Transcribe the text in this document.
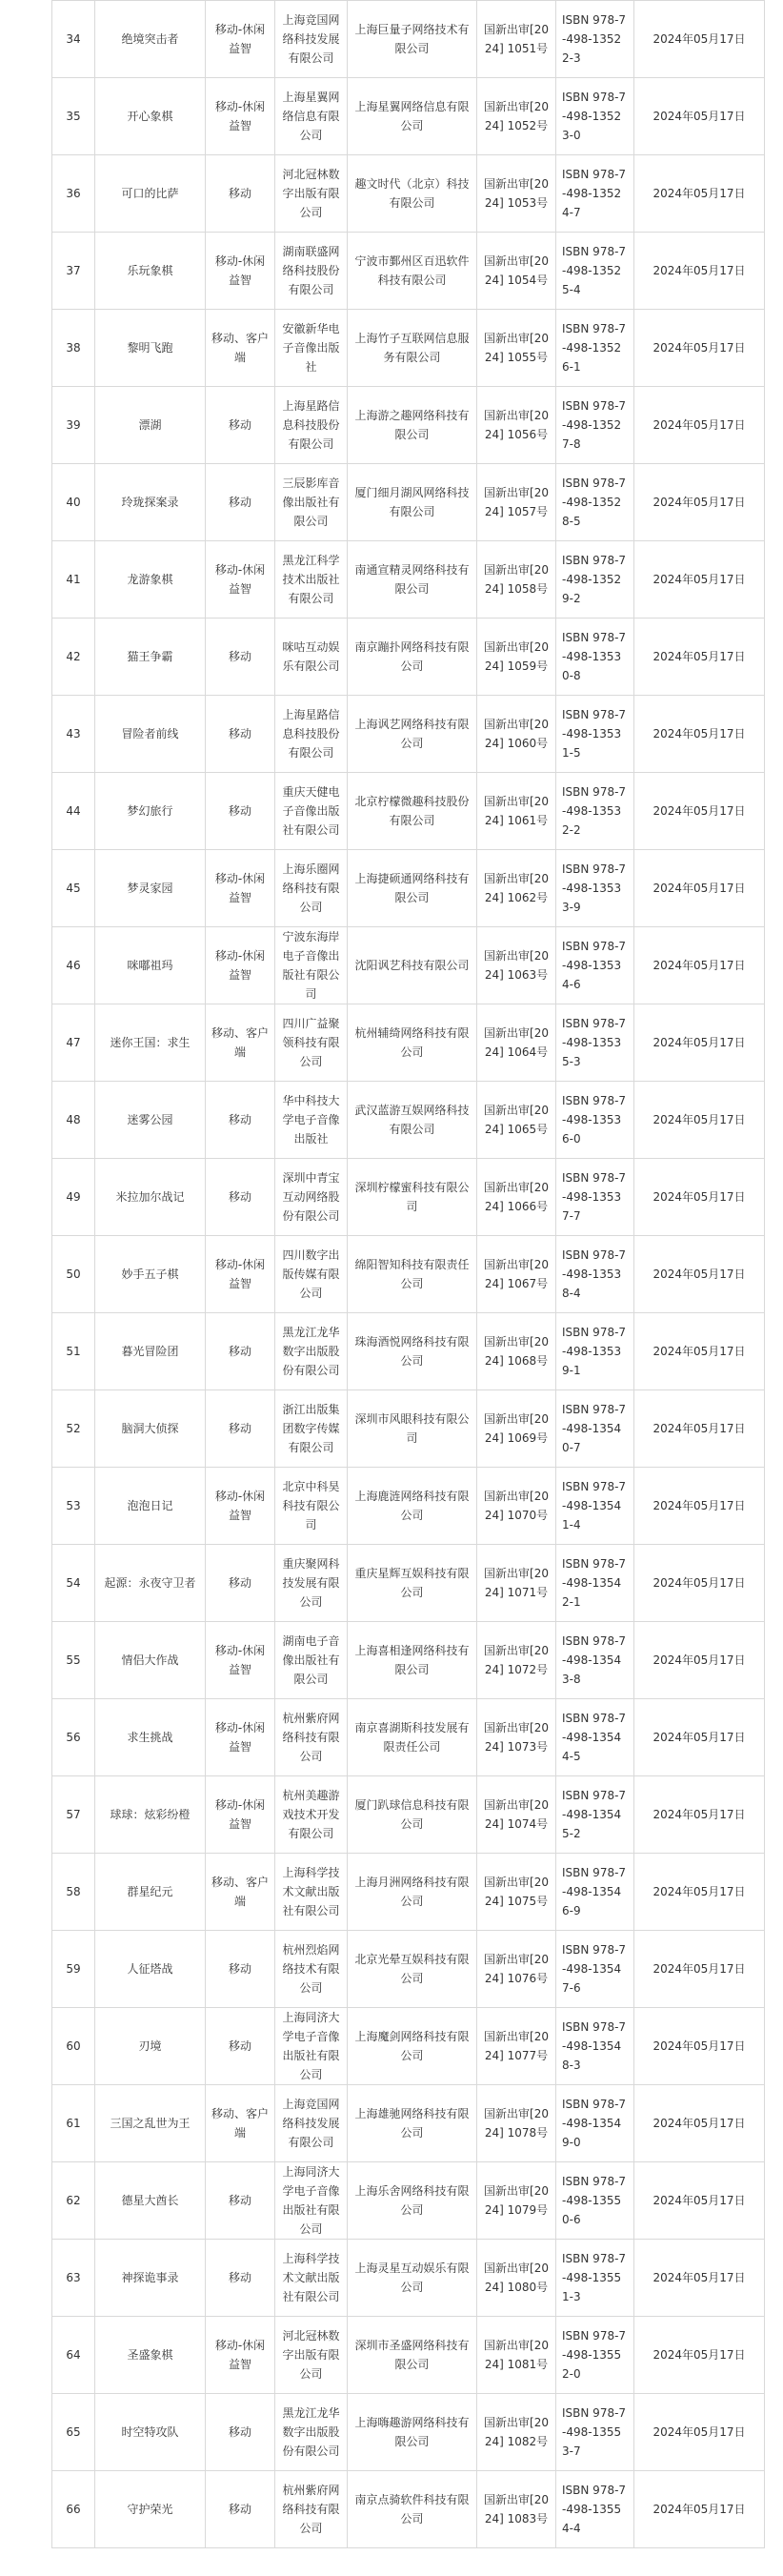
34	绝境突击者	移动-休闲益智	上海竞国网络科技发展有限公司	上海巨量子网络技术有限公司	国新出审[2024] 1051号	ISBN 978-7-498-13522-3	2024年05月17日
35	开心象棋	移动-休闲益智	上海星翼网络信息有限公司	上海星翼网络信息有限公司	国新出审[2024] 1052号	ISBN 978-7-498-13523-0	2024年05月17日
36	可口的比萨	移动	河北冠林数字出版有限公司	趣文时代（北京）科技有限公司	国新出审[2024] 1053号	ISBN 978-7-498-13524-7	2024年05月17日
37	乐玩象棋	移动-休闲益智	湖南联盛网络科技股份有限公司	宁波市鄞州区百迅软件科技有限公司	国新出审[2024] 1054号	ISBN 978-7-498-13525-4	2024年05月17日
38	黎明飞跑	移动、客户端	安徽新华电子音像出版社	上海竹子互联网信息服务有限公司	国新出审[2024] 1055号	ISBN 978-7-498-13526-1	2024年05月17日
39	漂湖	移动	上海星路信息科技股份有限公司	上海游之趣网络科技有限公司	国新出审[2024] 1056号	ISBN 978-7-498-13527-8	2024年05月17日
40	玲珑探案录	移动	三辰影库音像出版社有限公司	厦门细月湖风网络科技有限公司	国新出审[2024] 1057号	ISBN 978-7-498-13528-5	2024年05月17日
41	龙游象棋	移动-休闲益智	黑龙江科学技术出版社有限公司	南通宣精灵网络科技有限公司	国新出审[2024] 1058号	ISBN 978-7-498-13529-2	2024年05月17日
42	猫王争霸	移动	咪咕互动娱乐有限公司	南京蹦扑网络科技有限公司	国新出审[2024] 1059号	ISBN 978-7-498-13530-8	2024年05月17日
43	冒险者前线	移动	上海星路信息科技股份有限公司	上海讽艺网络科技有限公司	国新出审[2024] 1060号	ISBN 978-7-498-13531-5	2024年05月17日
44	梦幻旅行	移动	重庆天健电子音像出版社有限公司	北京柠檬微趣科技股份有限公司	国新出审[2024] 1061号	ISBN 978-7-498-13532-2	2024年05月17日
45	梦灵家园	移动-休闲益智	上海乐圈网络科技有限公司	上海捷硕通网络科技有限公司	国新出审[2024] 1062号	ISBN 978-7-498-13533-9	2024年05月17日
46	咪嘟祖玛	移动-休闲益智	宁波东海岸电子音像出版社有限公司	沈阳讽艺科技有限公司	国新出审[2024] 1063号	ISBN 978-7-498-13534-6	2024年05月17日
47	迷你王国：求生	移动、客户端	四川广益聚领科技有限公司	杭州辅绮网络科技有限公司	国新出审[2024] 1064号	ISBN 978-7-498-13535-3	2024年05月17日
48	迷雾公园	移动	华中科技大学电子音像出版社	武汉蓝游互娱网络科技有限公司	国新出审[2024] 1065号	ISBN 978-7-498-13536-0	2024年05月17日
49	米拉加尔战记	移动	深圳中青宝互动网络股份有限公司	深圳柠檬蜜科技有限公司	国新出审[2024] 1066号	ISBN 978-7-498-13537-7	2024年05月17日
50	妙手五子棋	移动-休闲益智	四川数字出版传媒有限公司	绵阳智知科技有限责任公司	国新出审[2024] 1067号	ISBN 978-7-498-13538-4	2024年05月17日
51	暮光冒险团	移动	黑龙江龙华数字出版股份有限公司	珠海酒悦网络科技有限公司	国新出审[2024] 1068号	ISBN 978-7-498-13539-1	2024年05月17日
52	脑洞大侦探	移动	浙江出版集团数字传媒有限公司	深圳市风眼科技有限公司	国新出审[2024] 1069号	ISBN 978-7-498-13540-7	2024年05月17日
53	泡泡日记	移动-休闲益智	北京中科昊科技有限公司	上海鹿涟网络科技有限公司	国新出审[2024] 1070号	ISBN 978-7-498-13541-4	2024年05月17日
54	起源：永夜守卫者	移动	重庆聚网科技发展有限公司	重庆星辉互娱科技有限公司	国新出审[2024] 1071号	ISBN 978-7-498-13542-1	2024年05月17日
55	情侣大作战	移动-休闲益智	湖南电子音像出版社有限公司	上海喜相逢网络科技有限公司	国新出审[2024] 1072号	ISBN 978-7-498-13543-8	2024年05月17日
56	求生挑战	移动-休闲益智	杭州紫府网络科技有限公司	南京喜湖斯科技发展有限责任公司	国新出审[2024] 1073号	ISBN 978-7-498-13544-5	2024年05月17日
57	球球：炫彩纷橙	移动-休闲益智	杭州美趣游戏技术开发有限公司	厦门趴球信息科技有限公司	国新出审[2024] 1074号	ISBN 978-7-498-13545-2	2024年05月17日
58	群星纪元	移动、客户端	上海科学技术文献出版社有限公司	上海月洲网络科技有限公司	国新出审[2024] 1075号	ISBN 978-7-498-13546-9	2024年05月17日
59	人征塔战	移动	杭州烈焰网络技术有限公司	北京光晕互娱科技有限公司	国新出审[2024] 1076号	ISBN 978-7-498-13547-6	2024年05月17日
60	刃境	移动	上海同济大学电子音像出版社有限公司	上海魔剑网络科技有限公司	国新出审[2024] 1077号	ISBN 978-7-498-13548-3	2024年05月17日
61	三国之乱世为王	移动、客户端	上海竞国网络科技发展有限公司	上海雄驰网络科技有限公司	国新出审[2024] 1078号	ISBN 978-7-498-13549-0	2024年05月17日
62	德星大酋长	移动	上海同济大学电子音像出版社有限公司	上海乐舍网络科技有限公司	国新出审[2024] 1079号	ISBN 978-7-498-13550-6	2024年05月17日
63	神探诡事录	移动	上海科学技术文献出版社有限公司	上海灵星互动娱乐有限公司	国新出审[2024] 1080号	ISBN 978-7-498-13551-3	2024年05月17日
64	圣盛象棋	移动-休闲益智	河北冠林数字出版有限公司	深圳市圣盛网络科技有限公司	国新出审[2024] 1081号	ISBN 978-7-498-13552-0	2024年05月17日
65	时空特攻队	移动	黑龙江龙华数字出版股份有限公司	上海嗨趣游网络科技有限公司	国新出审[2024] 1082号	ISBN 978-7-498-13553-7	2024年05月17日
66	守护荣光	移动	杭州紫府网络科技有限公司	南京点骑软件科技有限公司	国新出审[2024] 1083号	ISBN 978-7-498-13554-4	2024年05月17日
